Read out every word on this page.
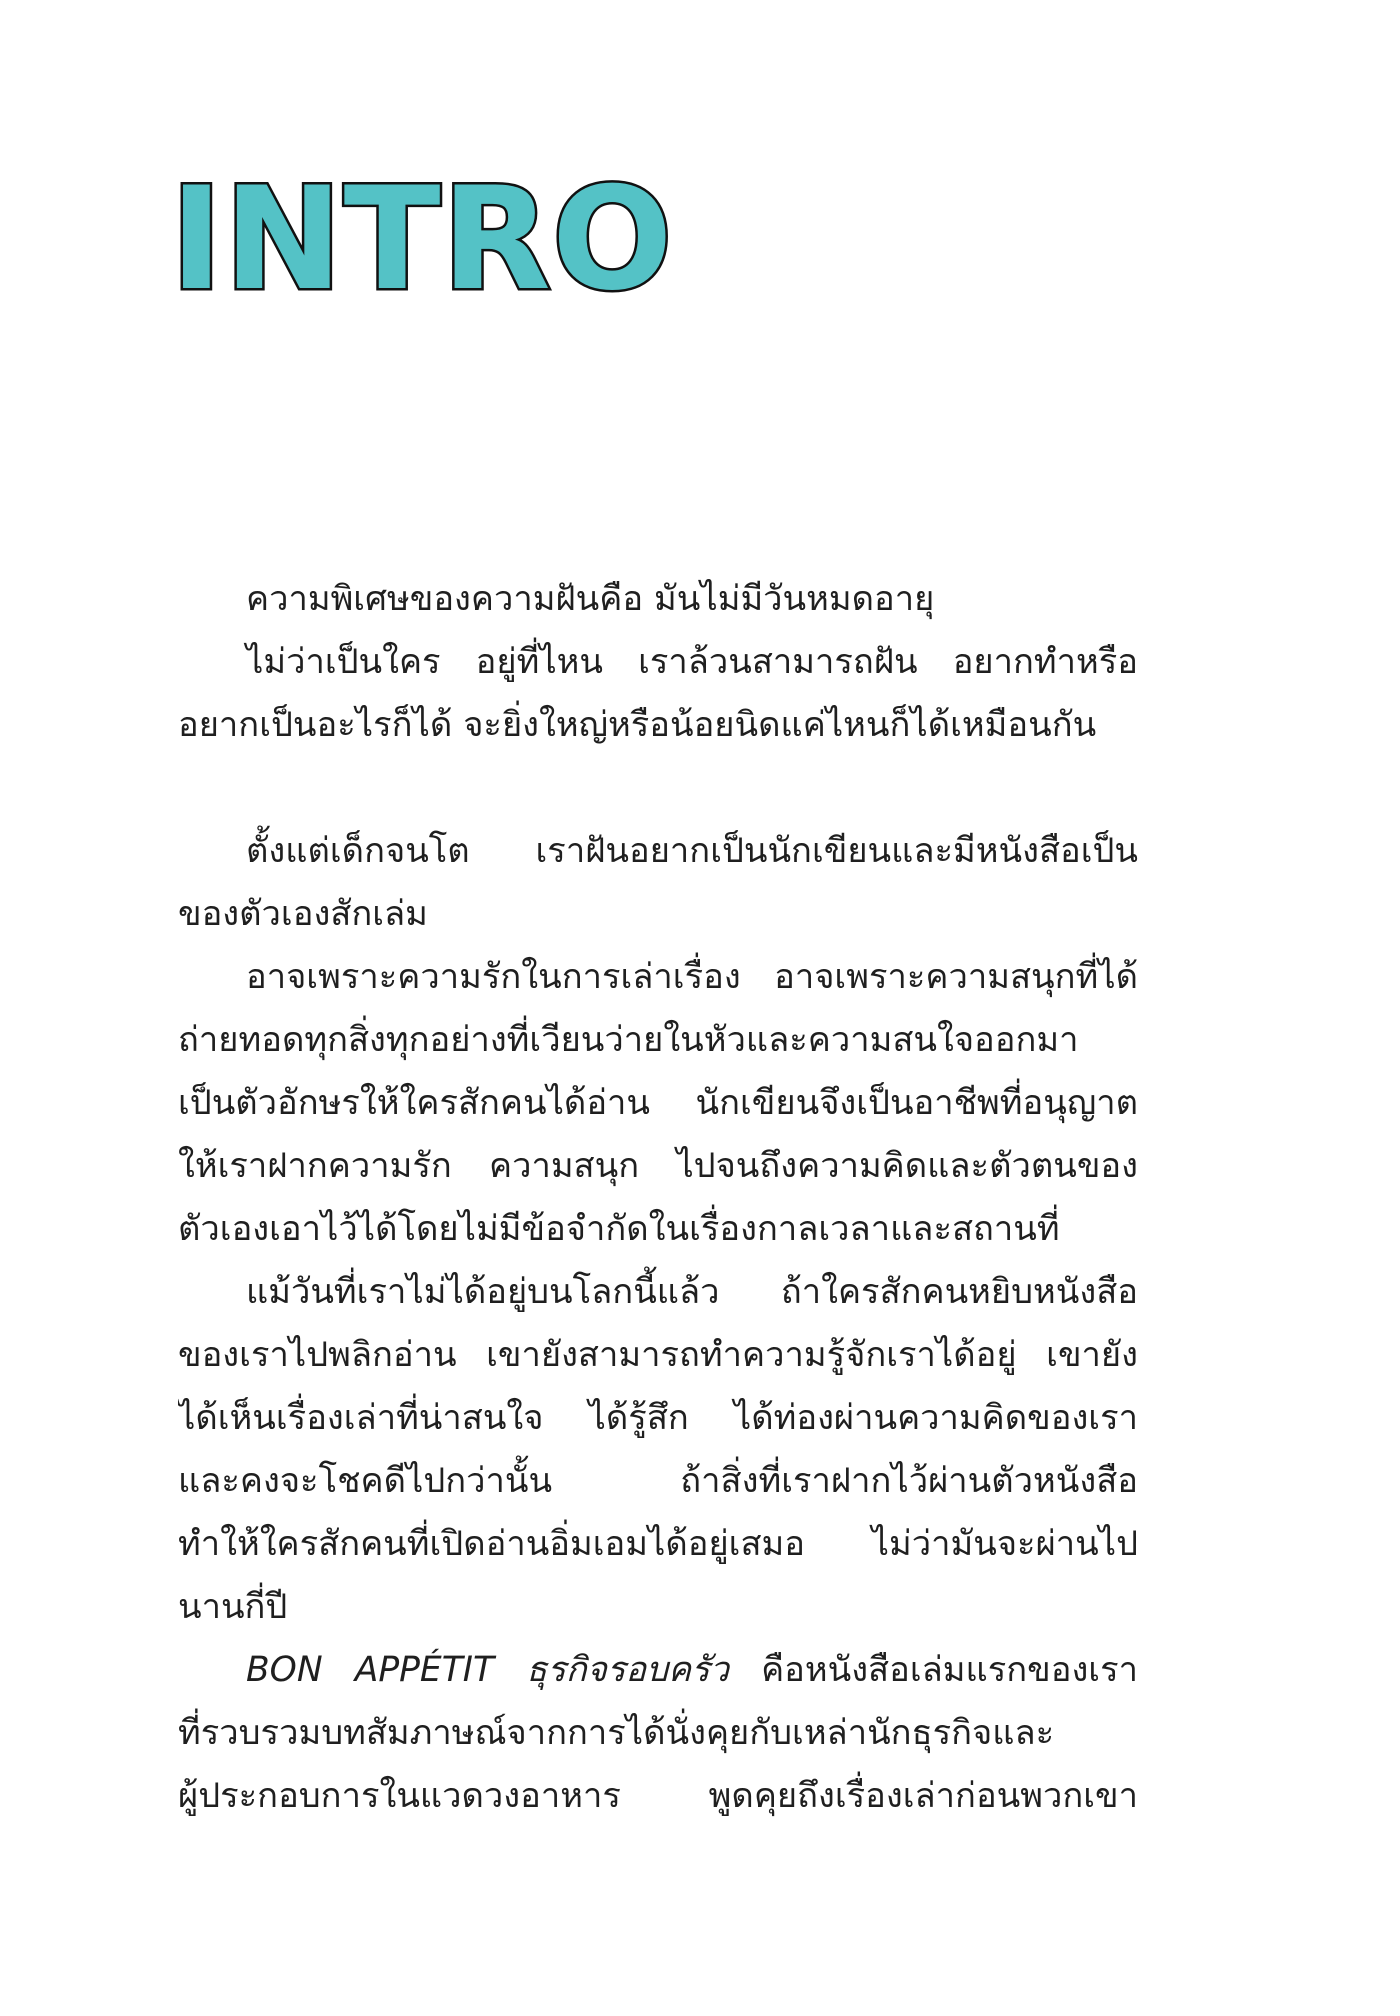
INTRO
ความพิเศษของความฝันคือ มันไม่มีวันหมดอายุ
ไม่ว่าเป็นใคร อยู่ที่ไหน เราล้วนสามารถฝัน อยากทำหรือ
อยากเป็นอะไรก็ได้ จะยิ่งใหญ่หรือน้อยนิดแค่ไหนก็ได้เหมือนกัน
ตั้งแต่เด็กจนโต เราฝันอยากเป็นนักเขียนและมีหนังสือเป็น
ของตัวเองสักเล่ม
อาจเพราะความรักในการเล่าเรื่อง อาจเพราะความสนุกที่ได้
ถ่ายทอดทุกสิ่งทุกอย่างที่เวียนว่ายในหัวและความสนใจออกมา
เป็นตัวอักษรให้ใครสักคนได้อ่าน นักเขียนจึงเป็นอาชีพที่อนุญาต
ให้เราฝากความรัก ความสนุก ไปจนถึงความคิดและตัวตนของ
ตัวเองเอาไว้ได้โดยไม่มีข้อจำกัดในเรื่องกาลเวลาและสถานที่
แม้วันที่เราไม่ได้อยู่บนโลกนี้แล้ว ถ้าใครสักคนหยิบหนังสือ
ของเราไปพลิกอ่าน เขายังสามารถทำความรู้จักเราได้อยู่ เขายัง
ได้เห็นเรื่องเล่าที่น่าสนใจ ได้รู้สึก ได้ท่องผ่านความคิดของเรา
และคงจะโชคดีไปกว่านั้น ถ้าสิ่งที่เราฝากไว้ผ่านตัวหนังสือ
ทำให้ใครสักคนที่เปิดอ่านอิ่มเอมได้อยู่เสมอ ไม่ว่ามันจะผ่านไป
นานกี่ปี
BON APPÉTIT ธุรกิจรอบครัว คือหนังสือเล่มแรกของเรา
ที่รวบรวมบทสัมภาษณ์จากการได้นั่งคุยกับเหล่านักธุรกิจและ
ผู้ประกอบการในแวดวงอาหาร พูดคุยถึงเรื่องเล่าก่อนพวกเขา
